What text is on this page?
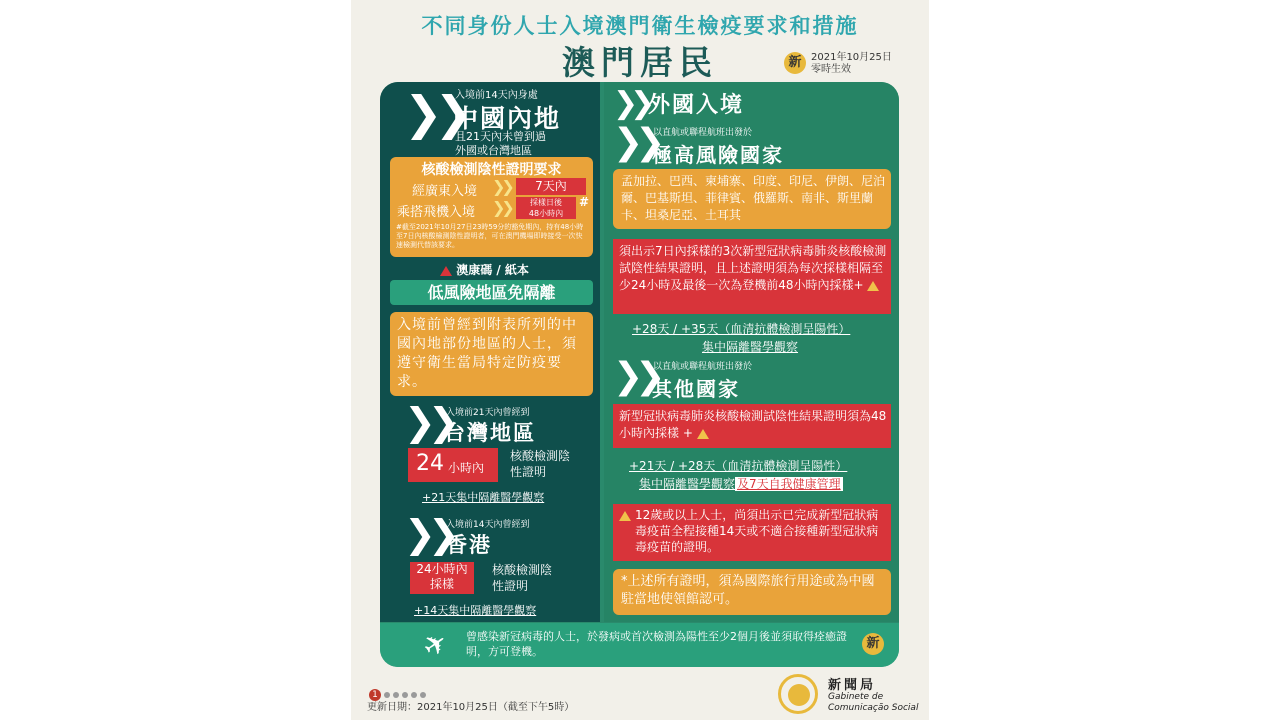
不同身份人士入境澳門衛生檢疫要求和措施
澳門居民	新 2021年10月25日
零時生效
❯❯
入境前14天內身處
中國內地
且21天內未曾到過
外國或台灣地區
核酸檢測陰性證明要求
經廣東入境 ❯❯	7天內
乘搭飛機入境 ❯❯	採樣日後
48小時內
#
#截至2021年10月27日23時59分的豁免期內，持有48小時至7日內核酸檢測陰性證明者，可在澳門機場即時接受一次快速檢測代替該要求。
澳康碼 / 紙本
低風險地區免隔離
入境前曾經到附表所列的中國內地部份地區的人士，須遵守衛生當局特定防疫要求。
❯❯
入境前21天內曾經到
台灣地區
24 小時內
核酸檢測陰性證明
+21天集中隔離醫學觀察
❯❯
入境前14天內曾經到
香港
24小時內
採樣
核酸檢測陰性證明
+14天集中隔離醫學觀察
❯❯ 外國入境
❯❯
以直航或聯程航班出發於
極高風險國家
孟加拉、巴西、柬埔寨、印度、印尼、伊朗、尼泊爾、巴基斯坦、菲律賓、俄羅斯、南非、斯里蘭卡、坦桑尼亞、土耳其
須出示7日內採樣的3次新型冠狀病毒肺炎核酸檢測試陰性結果證明，且上述證明須為每次採樣相隔至少24小時及最後一次為登機前48小時內採樣+
+28天 / +35天（血清抗體檢測呈陽性）
集中隔離醫學觀察
❯❯
以直航或聯程航班出發於
其他國家
新型冠狀病毒肺炎核酸檢測試陰性結果證明須為48小時內採樣 +
+21天 / +28天（血清抗體檢測呈陽性）
集中隔離醫學觀察 及7天自我健康管理
12歲或以上人士，尚須出示已完成新型冠狀病毒疫苗全程接種14天或不適合接種新型冠狀病毒疫苗的證明。
*上述所有證明，須為國際旅行用途或為中國駐當地使領館認可。
✈ 曾感染新冠病毒的人士，於發病或首次檢測為陽性至少2個月後並須取得痊癒證明，方可登機。
新
1
更新日期：2021年10月25日（截至下午5時）
新聞局
Gabinete de
Comunicação Social
